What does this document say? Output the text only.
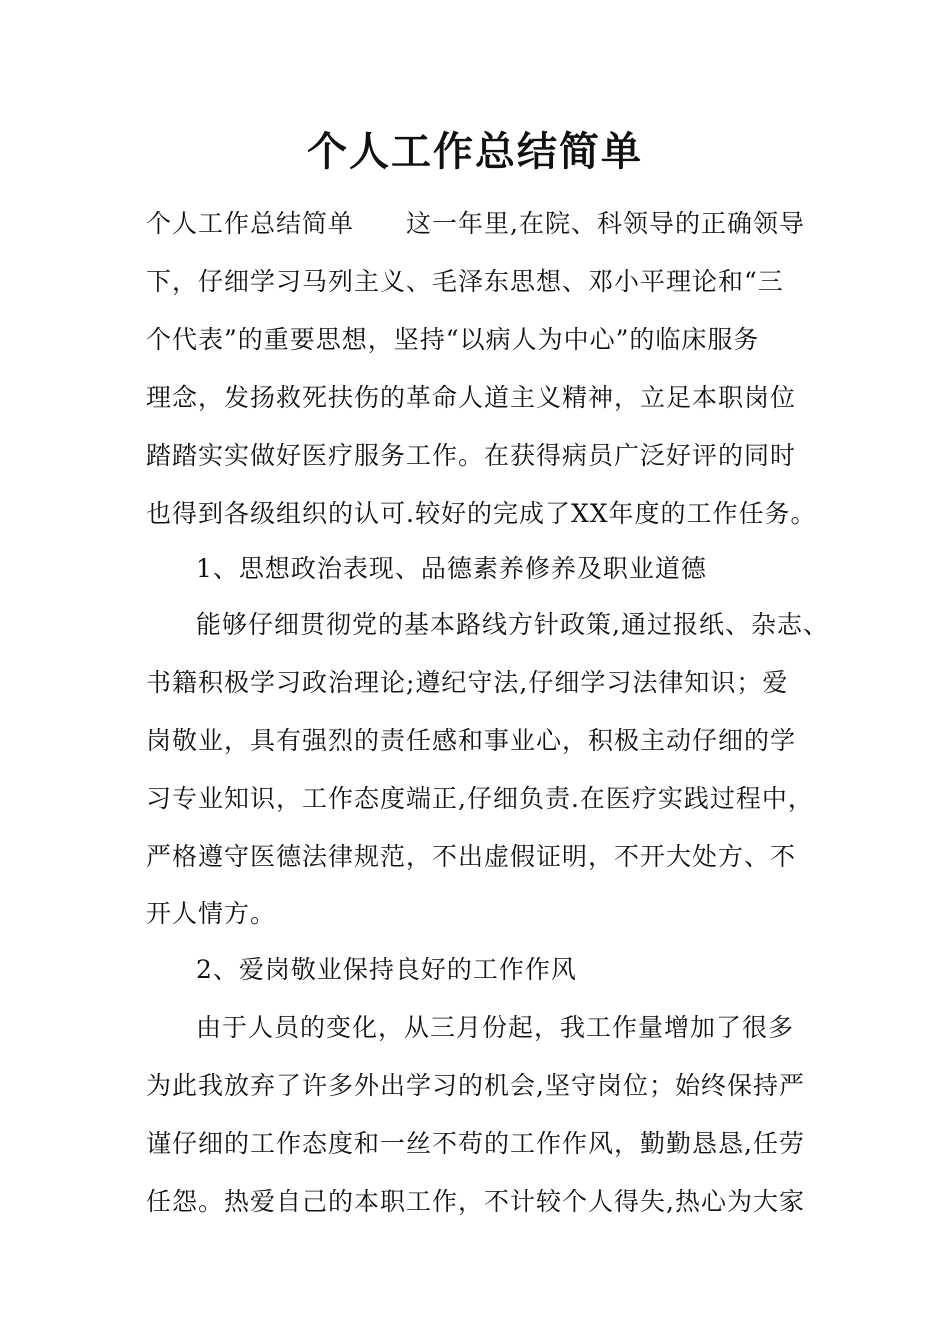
个人工作总结简单
个人工作总结简单　　这一年里,在院、科领导的正确领导
下，仔细学习马列主义、毛泽东思想、邓小平理论和“三
个代表”的重要思想，坚持“以病人为中心”的临床服务
理念，发扬救死扶伤的革命人道主义精神，立足本职岗位
踏踏实实做好医疗服务工作。在获得病员广泛好评的同时
也得到各级组织的认可.较好的完成了XX年度的工作任务。
1、思想政治表现、品德素养修养及职业道德
能够仔细贯彻党的基本路线方针政策,通过报纸、杂志、
书籍积极学习政治理论;遵纪守法,仔细学习法律知识；爱
岗敬业，具有强烈的责任感和事业心，积极主动仔细的学
习专业知识，工作态度端正,仔细负责.在医疗实践过程中，
严格遵守医德法律规范，不出虚假证明，不开大处方、不
开人情方。
2、爱岗敬业保持良好的工作作风
由于人员的变化，从三月份起，我工作量增加了很多
为此我放弃了许多外出学习的机会,坚守岗位；始终保持严
谨仔细的工作态度和一丝不苟的工作作风，勤勤恳恳,任劳
任怨。热爱自己的本职工作，不计较个人得失,热心为大家
